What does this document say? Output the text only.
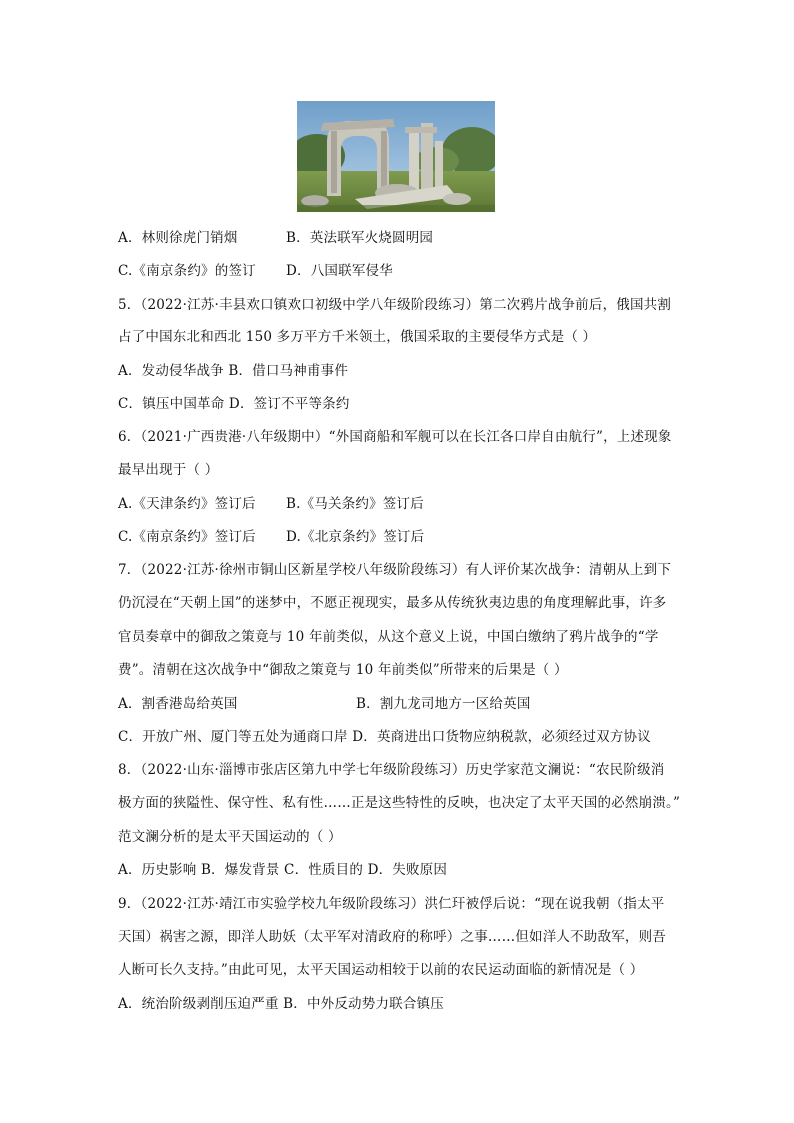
A．林则徐虎门销烟	B．英法联军火烧圆明园
C.《南京条约》的签订 D．八国联军侵华
5．（2022·江苏·丰县欢口镇欢口初级中学八年级阶段练习）第二次鸦片战争前后，俄国共割
占了中国东北和西北 150 多万平方千米领土，俄国采取的主要侵华方式是（ ）
A．发动侵华战争 B．借口马神甫事件
C．镇压中国革命 D．签订不平等条约
6．（2021·广西贵港·八年级期中）“外国商船和军舰可以在长江各口岸自由航行”，上述现象
最早出现于（ ）
A.《天津条约》签订后 B.《马关条约》签订后
C.《南京条约》签订后 D.《北京条约》签订后
7．（2022·江苏·徐州市铜山区新星学校八年级阶段练习）有人评价某次战争：清朝从上到下
仍沉浸在“天朝上国”的迷梦中，不愿正视现实，最多从传统狄夷边患的角度理解此事，许多
官员奏章中的御敌之策竟与 10 年前类似，从这个意义上说，中国白缴纳了鸦片战争的“学
费”。清朝在这次战争中“御敌之策竟与 10 年前类似”所带来的后果是（ ）
A．割香港岛给英国	B．割九龙司地方一区给英国
C．开放广州、厦门等五处为通商口岸 D．英商进出口货物应纳税款，必须经过双方协议
8．（2022·山东·淄博市张店区第九中学七年级阶段练习）历史学家范文澜说：“农民阶级消
极方面的狭隘性、保守性、私有性……正是这些特性的反映，也决定了太平天国的必然崩溃。”
范文澜分析的是太平天国运动的（ ）
A．历史影响 B．爆发背景 C．性质目的 D．失败原因
9．（2022·江苏·靖江市实验学校九年级阶段练习）洪仁玕被俘后说：“现在说我朝（指太平
天国）祸害之源，即洋人助妖（太平军对清政府的称呼）之事……但如洋人不助敌军，则吾
人断可长久支持。”由此可见，太平天国运动相较于以前的农民运动面临的新情况是（ ）
A．统治阶级剥削压迫严重 B．中外反动势力联合镇压
